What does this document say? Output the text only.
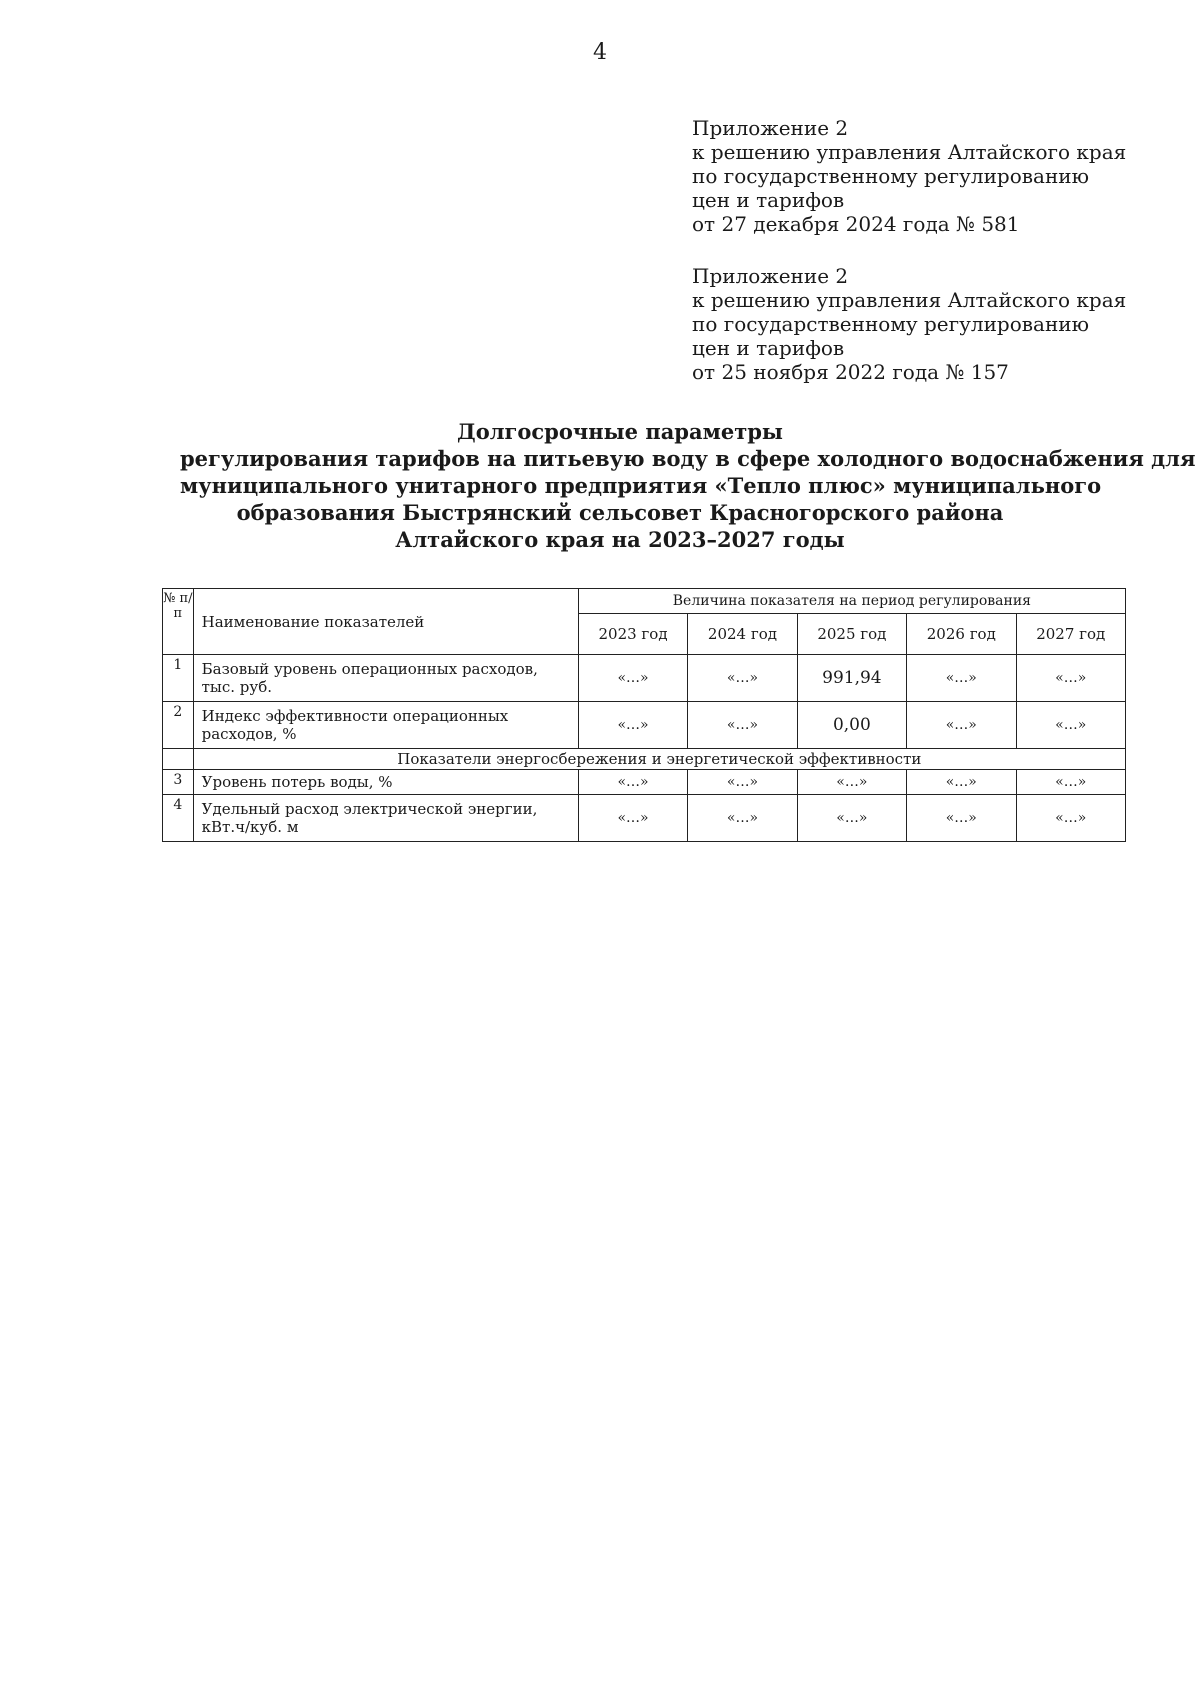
4
Приложение 2
к решению управления Алтайского края
по государственному регулированию
цен и тарифов
от 27 декабря 2024 года № 581
Приложение 2
к решению управления Алтайского края
по государственному регулированию
цен и тарифов
от 25 ноября 2022 года № 157
Долгосрочные параметры
регулирования тарифов на питьевую воду в сфере холодного водоснабжения для
муниципального унитарного предприятия «Тепло плюс» муниципального
образования Быстрянский сельсовет Красногорского района
Алтайского края на 2023–2027 годы
№ п/ п	Наименование показателей	Величина показателя на период регулирования				
		2023 год	2024 год	2025 год	2026 год	2027 год
1	Базовый уровень операционных расходов, тыс. руб.	«…»	«…»	991,94	«…»	«…»
2	Индекс эффективности операционных расходов, %	«…»	«…»	0,00	«…»	«…»
	Показатели энергосбережения и энергетической эффективности					
3	Уровень потерь воды, %	«…»	«…»	«…»	«…»	«…»
4	Удельный расход электрической энергии, кВт.ч/куб. м	«…»	«…»	«…»	«…»	«…»
